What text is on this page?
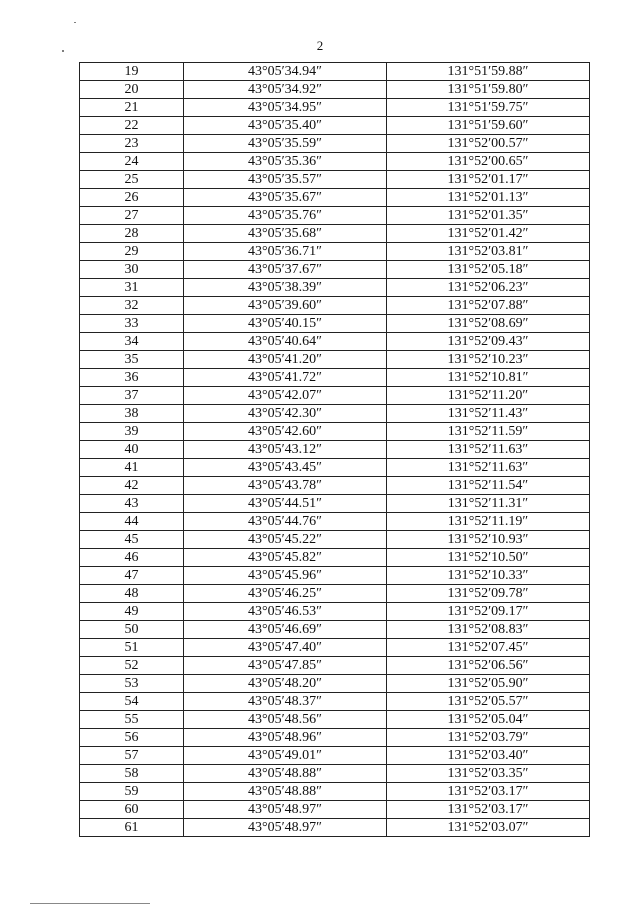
2
19	43°05′34.94″	131°51′59.88″
20	43°05′34.92″	131°51′59.80″
21	43°05′34.95″	131°51′59.75″
22	43°05′35.40″	131°51′59.60″
23	43°05′35.59″	131°52′00.57″
24	43°05′35.36″	131°52′00.65″
25	43°05′35.57″	131°52′01.17″
26	43°05′35.67″	131°52′01.13″
27	43°05′35.76″	131°52′01.35″
28	43°05′35.68″	131°52′01.42″
29	43°05′36.71″	131°52′03.81″
30	43°05′37.67″	131°52′05.18″
31	43°05′38.39″	131°52′06.23″
32	43°05′39.60″	131°52′07.88″
33	43°05′40.15″	131°52′08.69″
34	43°05′40.64″	131°52′09.43″
35	43°05′41.20″	131°52′10.23″
36	43°05′41.72″	131°52′10.81″
37	43°05′42.07″	131°52′11.20″
38	43°05′42.30″	131°52′11.43″
39	43°05′42.60″	131°52′11.59″
40	43°05′43.12″	131°52′11.63″
41	43°05′43.45″	131°52′11.63″
42	43°05′43.78″	131°52′11.54″
43	43°05′44.51″	131°52′11.31″
44	43°05′44.76″	131°52′11.19″
45	43°05′45.22″	131°52′10.93″
46	43°05′45.82″	131°52′10.50″
47	43°05′45.96″	131°52′10.33″
48	43°05′46.25″	131°52′09.78″
49	43°05′46.53″	131°52′09.17″
50	43°05′46.69″	131°52′08.83″
51	43°05′47.40″	131°52′07.45″
52	43°05′47.85″	131°52′06.56″
53	43°05′48.20″	131°52′05.90″
54	43°05′48.37″	131°52′05.57″
55	43°05′48.56″	131°52′05.04″
56	43°05′48.96″	131°52′03.79″
57	43°05′49.01″	131°52′03.40″
58	43°05′48.88″	131°52′03.35″
59	43°05′48.88″	131°52′03.17″
60	43°05′48.97″	131°52′03.17″
61	43°05′48.97″	131°52′03.07″
